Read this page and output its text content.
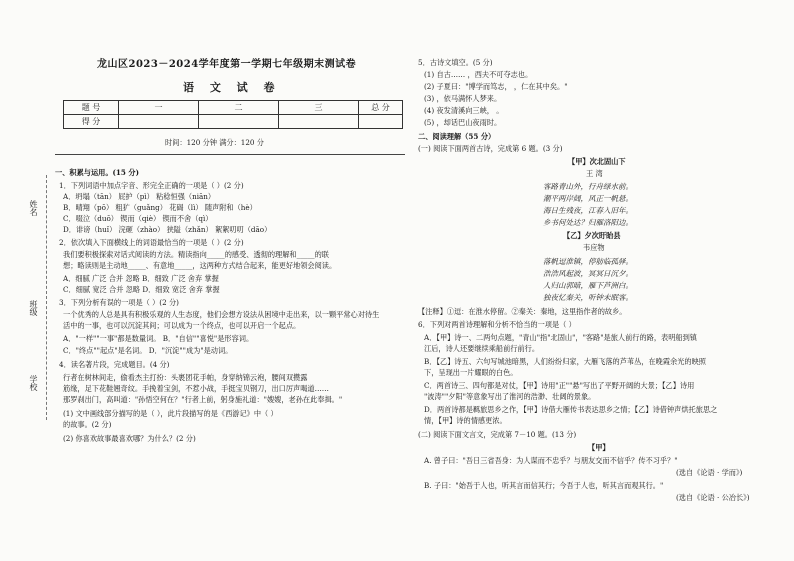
姓名
班级
学校
龙山区2023－2024学年度第一学期七年级期末测试卷
语 文 试 卷
题 号	一	二	三	总 分
得 分				
时间：120 分钟 满分：120 分
一、积累与运用。(15 分)
1．下列词语中加点字音、形完全正确的一项是（ ）(2 分)
A．坍塌（tān） 屁护（pì） 粘稔恒强（niān）
B．晴翔（pō） 粗犷（guǎng） 花碣（lì） 随声附和（hè）
C．啜泣（duō） 锲而（qiè） 锲而不舍（qì）
D．诽谤（huǐ） 浣砸（zhào） 狭隘（zhǎn） 絮絮叨叨（dāo）
2．依次填入下面横线上的词语最恰当的一项是（ ）(2 分)
我们要积极探索对话式阅读的方法。精读指向_____的感受、透彻的理解和_____的联
想；略读则是主动地_____、有意地_____，这两种方式结合起来，能更好地领会阅读。
A．细腻 广泛 合并 忽略 B．细致 广泛 舍弃 掌握
C．细腻 宽泛 合并 忽略 D．细致 宽泛 舍弃 掌握
3．下列分析有误的一项是（ ）(2 分)
一个优秀的人总是具有积极乐观的人生态度，他们会想方设法从困境中走出来，以一颗平常心对待生
活中的一事，也可以沉淀其间；可以成为一个终点，也可以开启一个起点。
A．"一样""一事"都是数量词。 B．"自信""喜悦"是形容词。
C．"终点""起点"是名词。 D．"沉淀""成为"是动词。
4．读名著片段，完成题目。(4 分)
行者在树林间走，偷看杰主打扮：头裹团花手帕，身穿纳锦云袍，腰间双攒露
筋缘，足下花鞋翘奇纹。手挽着宝剑，不惹小战，手挺宝贝钢刀，出口厉声喝道……
那罗刹出门，高叫道："孙悟空何在？"行者上前，躬身施礼道："嫂嫂，老孙在此奉揖。"
(1) 文中画线部分描写的是（ ），此片段描写的是《西游记》中（ ）
的故事。(2 分)
(2) 你喜欢故事最喜欢哪？为什么？(2 分)
5．古诗文填空。(5 分)
(1) 自古…… ，西夫不可夺志也。
(2) 子夏曰："博学而笃志， ，仁在其中矣。"
(3) ，依马满怀人梦来。
(4) 夜发清溪向三峡， 。
(5) ，却话巴山夜雨时。
二、阅读理解（55 分）
(一) 阅读下面两首古诗，完成第 6 题。(3 分)
【甲】次北固山下
王 湾
客路青山外，行舟绿水前。
潮平两岸阔，风正一帆悬。
海日生残夜，江春入旧年。
乡书何处达？归雁洛阳边。
【乙】夕次盱眙县
韦应物
落帆逗淮镇，停舫临孤驿。
浩浩风起波，冥冥日沉夕。
人归山郭暗，雁下芦洲白。
独夜忆秦关，听钟未眠客。
【注释】①逗：在淮水停留。②秦关：秦地，这里指作者的故乡。
6．下列对两首诗理解和分析不恰当的一项是（ ）
A．【甲】诗一、二两句点题，"青山"指"北固山"，"客路"是旅人前行的路，表明船到镇
江后，诗人还要继续乘船前行前行。
B．【乙】诗五、六句写城池暗黑，人们纷纷归家，大雁飞落的芦苇丛，在晚霞余光的映照
下，呈现出一片耀眼的白色。
C．两首诗三、四句都是对仗，【甲】诗用"正""悬"写出了平野开阔的大景；【乙】诗用
"波涛""夕阳"等意象写出了淮河的浩渺、壮阔的景象。
D．两首诗都是羁旅思乡之作，【甲】诗借大雁传书表达思乡之情；【乙】诗借钟声烘托旅思之
情，【甲】诗的情感更浓。
(二) 阅读下面文言文，完成第 7－10 题。(13 分)
【甲】
A. 曾子曰："吾日三省吾身：为人谋而不忠乎？与朋友交而不信乎？传不习乎？"
(选自《论语 · 学而》)
B. 子曰："始吾于人也，听其言而信其行；今吾于人也，听其言而观其行。"
(选自《论语 · 公冶长》)
